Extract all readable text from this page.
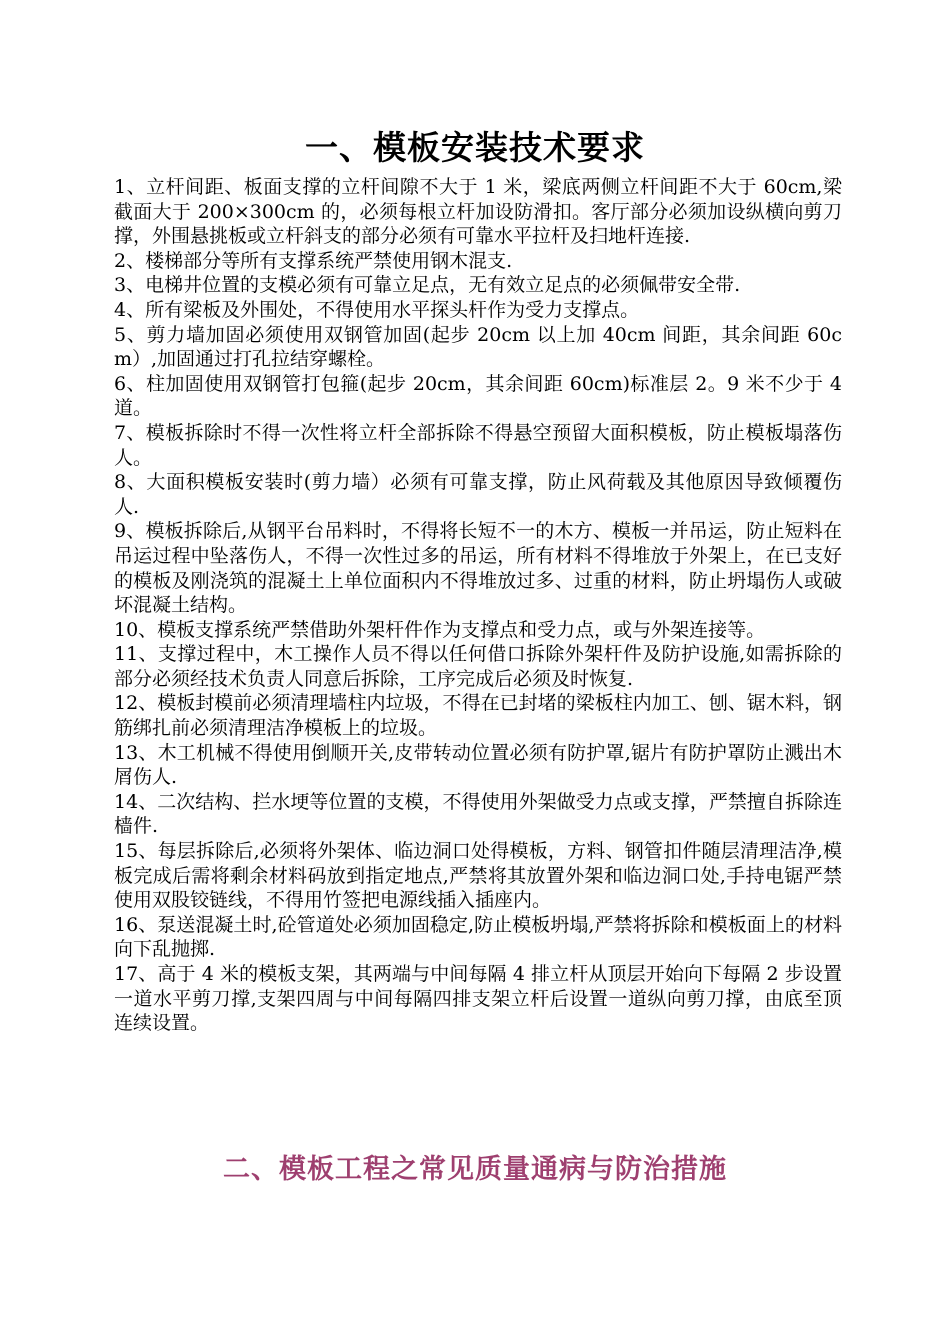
一、模板安装技术要求

1、立杆间距、板面支撑的立杆间隙不大于 1 米，梁底两侧立杆间距不大于 60cm,梁截面大于 200×300cm 的，必须每根立杆加设防滑扣。客厅部分必须加设纵横向剪刀撑，外围悬挑板或立杆斜支的部分必须有可靠水平拉杆及扫地杆连接.

2、楼梯部分等所有支撑系统严禁使用钢木混支.

3、电梯井位置的支模必须有可靠立足点，无有效立足点的必须佩带安全带.

4、所有梁板及外围处，不得使用水平探头杆作为受力支撑点。

5、剪力墙加固必须使用双钢管加固(起步 20cm 以上加 40cm 间距，其余间距 60cm）,加固通过打孔拉结穿螺栓。

6、柱加固使用双钢管打包箍(起步 20cm，其余间距 60cm)标准层 2。9 米不少于 4 道。

7、模板拆除时不得一次性将立杆全部拆除不得悬空预留大面积模板，防止模板塌落伤人。

8、大面积模板安装时(剪力墙）必须有可靠支撑，防止风荷载及其他原因导致倾覆伤人.

9、模板拆除后,从钢平台吊料时，不得将长短不一的木方、模板一并吊运，防止短料在吊运过程中坠落伤人，不得一次性过多的吊运，所有材料不得堆放于外架上，在已支好的模板及刚浇筑的混凝土上单位面积内不得堆放过多、过重的材料，防止坍塌伤人或破坏混凝土结构。

10、模板支撑系统严禁借助外架杆件作为支撑点和受力点，或与外架连接等。

11、支撑过程中，木工操作人员不得以任何借口拆除外架杆件及防护设施,如需拆除的部分必须经技术负责人同意后拆除，工序完成后必须及时恢复.

12、模板封模前必须清理墙柱内垃圾，不得在已封堵的梁板柱内加工、刨、锯木料，钢筋绑扎前必须清理洁净模板上的垃圾。

13、木工机械不得使用倒顺开关,皮带转动位置必须有防护罩,锯片有防护罩防止溅出木屑伤人.

14、二次结构、拦水埂等位置的支模，不得使用外架做受力点或支撑，严禁擅自拆除连樯件.

15、每层拆除后,必须将外架体、临边洞口处得模板，方料、钢管扣件随层清理洁净,模板完成后需将剩余材料码放到指定地点,严禁将其放置外架和临边洞口处,手持电锯严禁使用双股铰链线，不得用竹签把电源线插入插座内。

16、泵送混凝土时,砼管道处必须加固稳定,防止模板坍塌,严禁将拆除和模板面上的材料向下乱抛掷.

17、高于 4 米的模板支架，其两端与中间每隔 4 排立杆从顶层开始向下每隔 2 步设置一道水平剪刀撑,支架四周与中间每隔四排支架立杆后设置一道纵向剪刀撑，由底至顶连续设置。

二、模板工程之常见质量通病与防治措施
